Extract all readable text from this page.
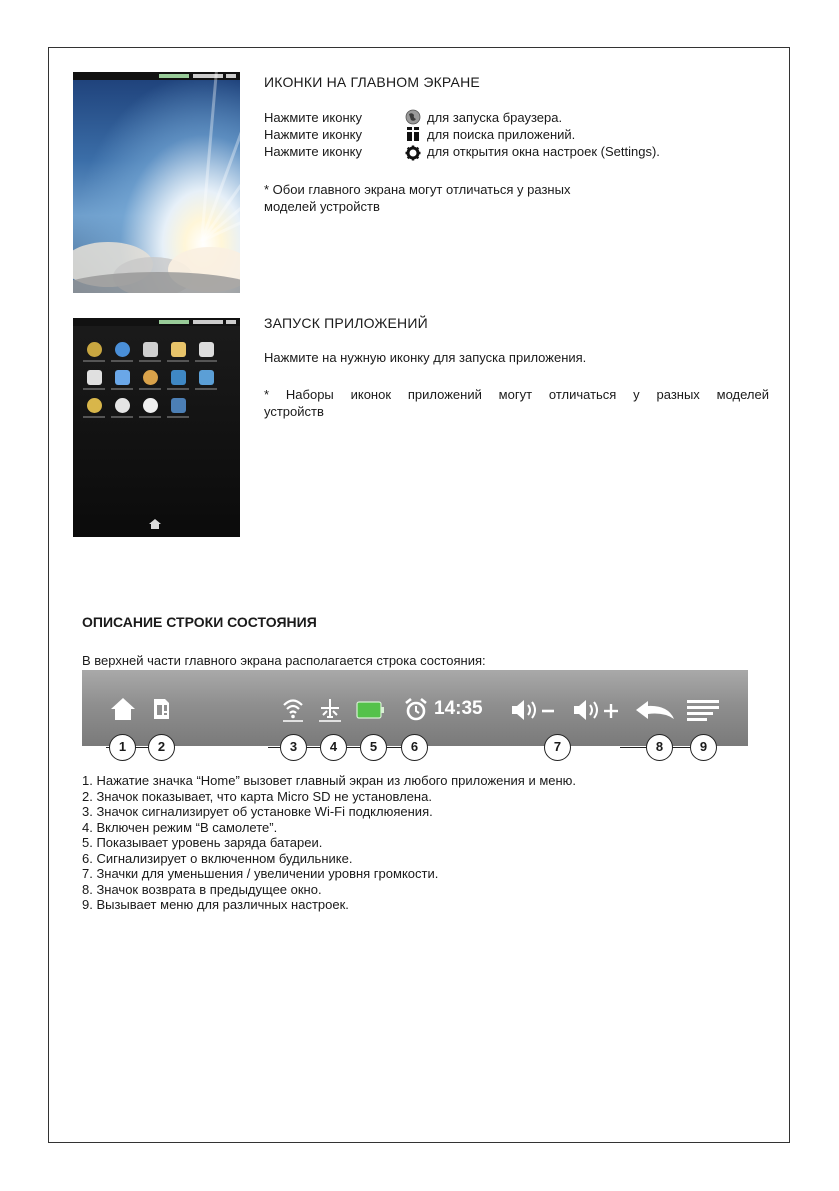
ИКОНКИ НА ГЛАВНОМ ЭКРАНЕ
Нажмите иконку	для запуска браузера.
Нажмите иконку	для поиска приложений.
Нажмите иконку	для открытия окна настроек (Settings).
* Обои главного экрана могут отличаться у разных
моделей устройств
ЗАПУСК ПРИЛОЖЕНИЙ
Нажмите на нужную иконку для запуска приложения.
* Наборы иконок приложений могут отличаться у разных моделей
устройств
ОПИСАНИЕ СТРОКИ СОСТОЯНИЯ
В верхней части главного экрана располагается строка состояния:
14:35
1	2	3	4	5	6	7	8	9
1. Нажатие значка “Home” вызовет главный экран из любого приложения и меню.
2. Значок показывает, что карта Micro SD не установлена.
3. Значок сигнализирует об установке Wi-Fi подклюяения.
4. Включен режим “В самолете”.
5. Показывает уровень заряда батареи.
6. Сигнализирует о включенном будильнике.
7. Значки для уменьшения / увеличении уровня громкости.
8. Значок возврата в предыдущее окно.
9. Вызывает меню для различных настроек.
